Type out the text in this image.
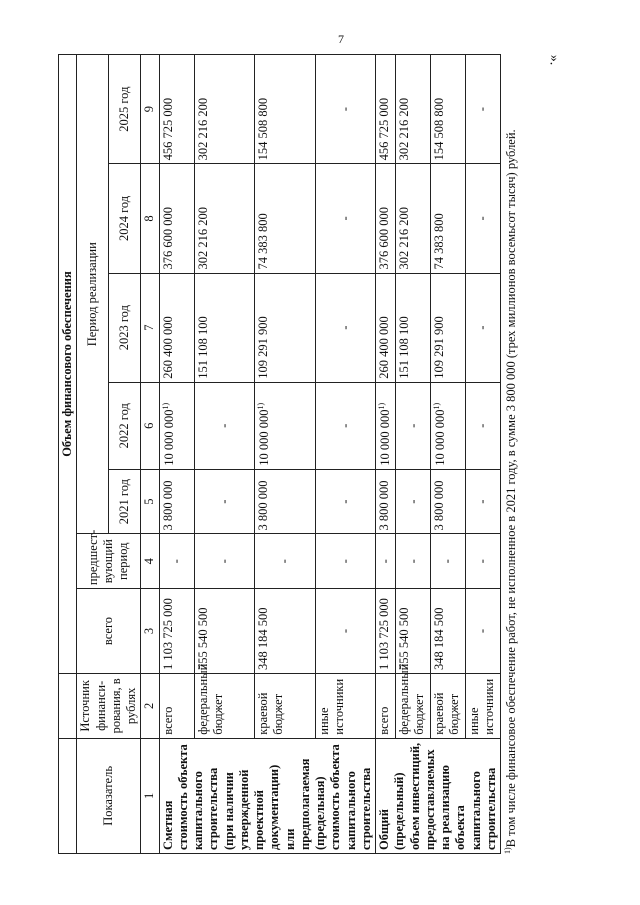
7
».
		Объем финансового обеспечения						
Показатель	Источник финанси-рования, в рублях	всего	предшест-вующий период	Период реализации				
				2021 год	2022 год	2023 год	2024 год	2025 год
1	2	3	4	5	6	7	8	9
Сметная стоимость объекта капитального строительства (при наличии утвержденной проектной документации) или предполагаемая (предельная) стоимость объекта капитального строительства	всего	1 103 725 000	-	3 800 000	10 000 000$^{1)}$	260 400 000	376 600 000	456 725 000
	федеральный бюджет	755 540 500	-	-	-	151 108 100	302 216 200	302 216 200
	краевой бюджет	348 184 500	-	3 800 000	10 000 000$^{1)}$	109 291 900	74 383 800	154 508 800
	иные источники	-	-	-	-	-	-	-
Общий (предельный) объем инвестиций, предоставляемых на реализацию объекта капитального строительства	всего	1 103 725 000	-	3 800 000	10 000 000$^{1)}$	260 400 000	376 600 000	456 725 000
	федеральный бюджет	755 540 500	-	-	-	151 108 100	302 216 200	302 216 200
	краевой бюджет	348 184 500	-	3 800 000	10 000 000$^{1)}$	109 291 900	74 383 800	154 508 800
	иные источники	-	-	-	-	-	-	-
$^{1)}$В том числе финансовое обеспечение работ, не исполненное в 2021 году, в сумме 3 800 000 (трех миллионов восемьсот тысяч) рублей.
